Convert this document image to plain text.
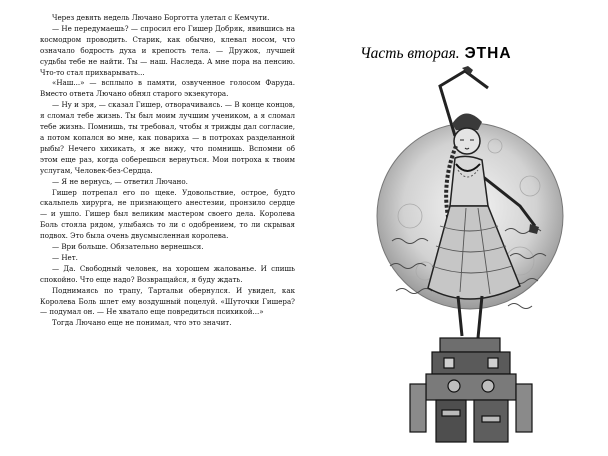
Через девять недель Лючано Борготта улетал с Кемчути.

— Не передумаешь? — спросил его Гишер Добряк, явившись на космодром проводить. Старик, как обычно, клевал носом, что означало бодрость духа и крепость тела. — Дружок, лучшей судьбы тебе не найти. Ты — наш. Наследа. А мне пора на пенсию. Что-то стал прихварывать...

«Наш...» — всплыло в памяти, озвученное голосом Фаруда. Вместо ответа Лючано обнял старого экзекутора.

— Ну и зря, — сказал Гишер, отворачиваясь. — В конце концов, я сломал тебе жизнь. Ты был моим лучшим учеником, а я сломал тебе жизнь. Помнишь, ты требовал, чтобы я трижды дал согласие, а потом копался во мне, как поварихa — в потрохах разделанной рыбы? Нечего хихикать, я же вижу, что помнишь. Вспомни об этом еще раз, когда соберешься вернуться. Мои потроха к твоим услугам, Человек-без-Сердца.

— Я не вернусь, — ответил Лючано.

Гишер потрепал его по щеке. Удовольствие, острое, будто скальпель хирурга, не признающего анестезии, пронзило сердце — и ушло. Гишер был великим мастером своего дела. Королева Боль стояла рядом, улыбаясь то ли с одобрением, то ли скрывая подвох. Это была очень двусмысленная королева.

— Ври больше. Обязательно вернешься.

— Нет.

— Да. Свободный человек, на хорошем жалованье. И спишь спокойно. Что еще надо? Возвращайся, я буду ждать.

Поднимаясь по трапу, Тартальи обернулся. И увидел, как Королева Боль шлет ему воздушный поцелуй. «Шуточки Гишера? — подумал он. — Не хватало еще повредиться психикой...»

Тогда Лючано еще не понимал, что это значит.

Часть вторая. ЭТНА
